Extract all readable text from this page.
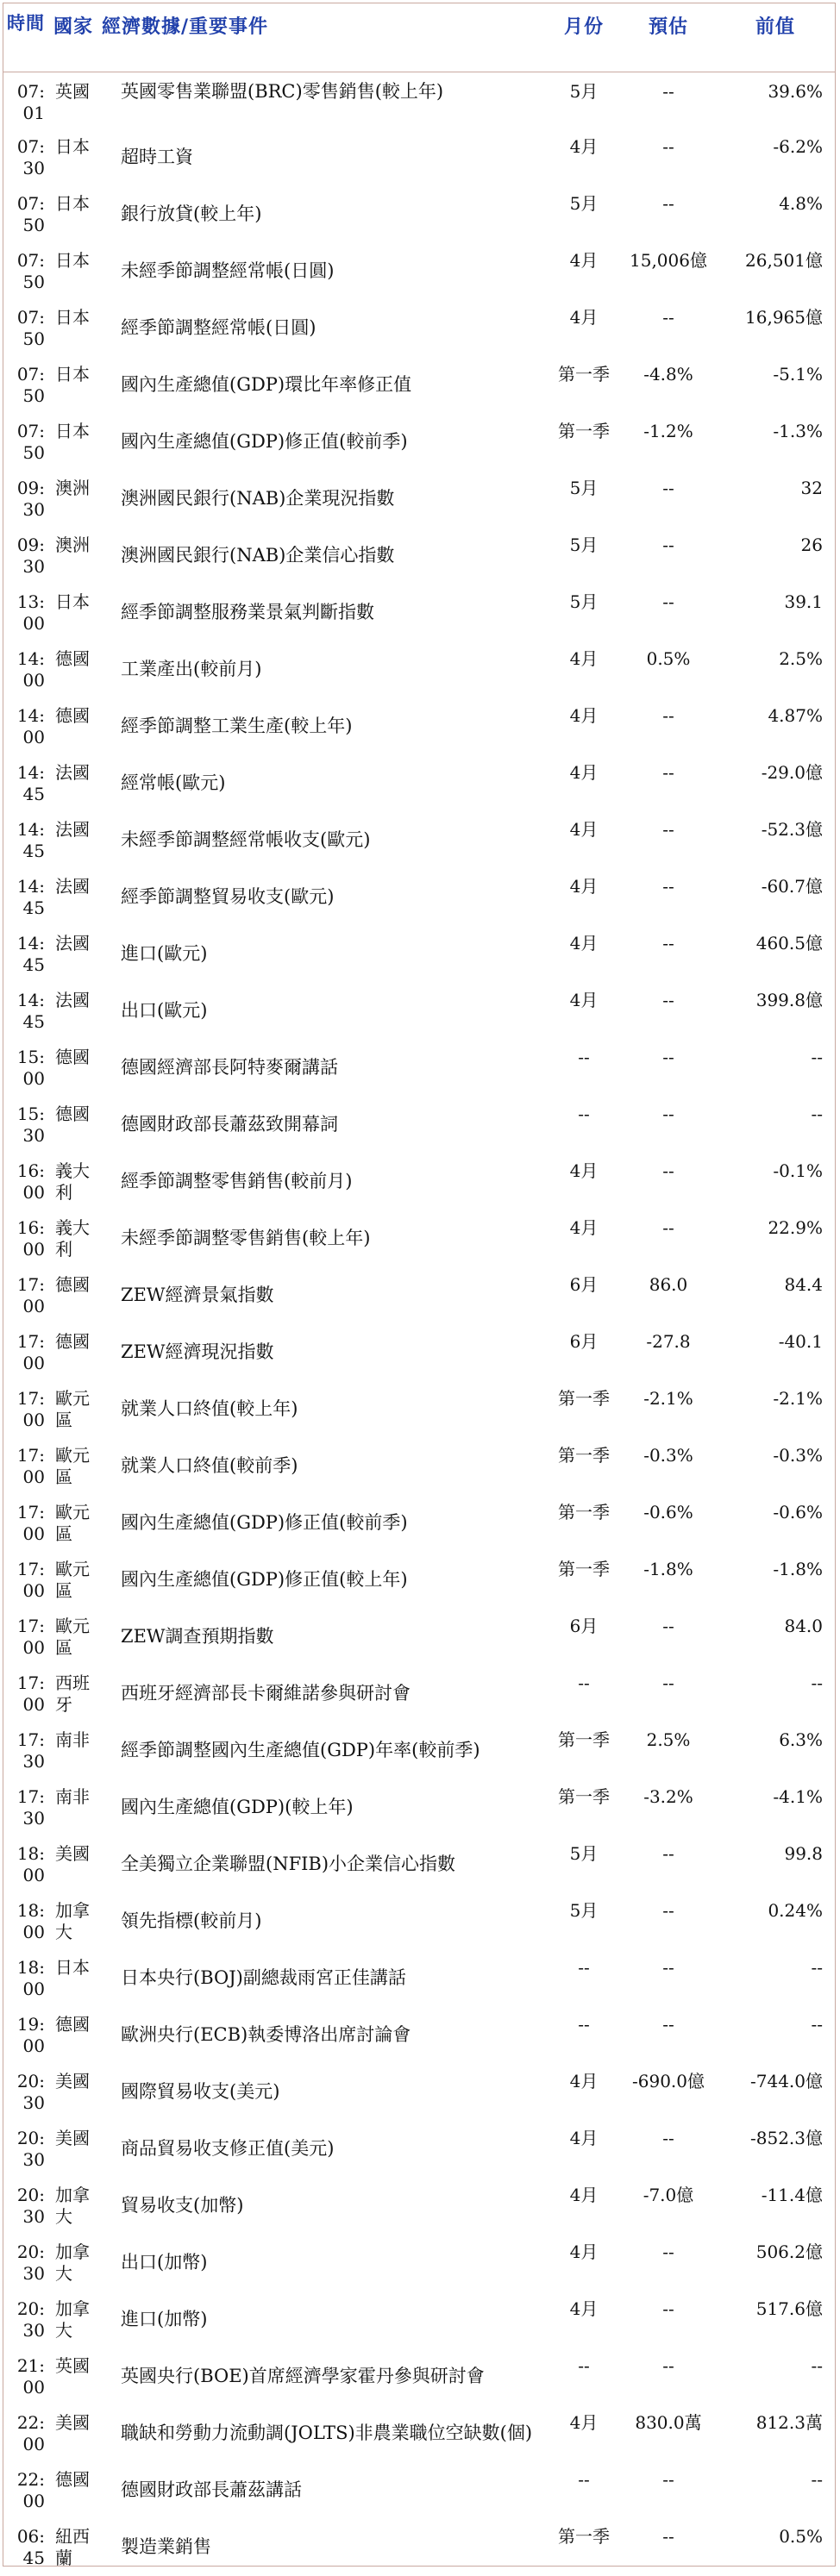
時間	國家	經濟數據/重要事件	月份	預估	前值
07:01	英國	英國零售業聯盟(BRC)零售銷售(較上年)	5月	--	39.6%
07:30	日本	超時工資	4月	--	-6.2%
07:50	日本	銀行放貸(較上年)	5月	--	4.8%
07:50	日本	未經季節調整經常帳(日圓)	4月	15,006億	26,501億
07:50	日本	經季節調整經常帳(日圓)	4月	--	16,965億
07:50	日本	國內生產總值(GDP)環比年率修正值	第一季	-4.8%	-5.1%
07:50	日本	國內生產總值(GDP)修正值(較前季)	第一季	-1.2%	-1.3%
09:30	澳洲	澳洲國民銀行(NAB)企業現況指數	5月	--	32
09:30	澳洲	澳洲國民銀行(NAB)企業信心指數	5月	--	26
13:00	日本	經季節調整服務業景氣判斷指數	5月	--	39.1
14:00	德國	工業產出(較前月)	4月	0.5%	2.5%
14:00	德國	經季節調整工業生產(較上年)	4月	--	4.87%
14:45	法國	經常帳(歐元)	4月	--	-29.0億
14:45	法國	未經季節調整經常帳收支(歐元)	4月	--	-52.3億
14:45	法國	經季節調整貿易收支(歐元)	4月	--	-60.7億
14:45	法國	進口(歐元)	4月	--	460.5億
14:45	法國	出口(歐元)	4月	--	399.8億
15:00	德國	德國經濟部長阿特麥爾講話	--	--	--
15:30	德國	德國財政部長蕭茲致開幕詞	--	--	--
16:00	義大利	經季節調整零售銷售(較前月)	4月	--	-0.1%
16:00	義大利	未經季節調整零售銷售(較上年)	4月	--	22.9%
17:00	德國	ZEW經濟景氣指數	6月	86.0	84.4
17:00	德國	ZEW經濟現況指數	6月	-27.8	-40.1
17:00	歐元區	就業人口終值(較上年)	第一季	-2.1%	-2.1%
17:00	歐元區	就業人口終值(較前季)	第一季	-0.3%	-0.3%
17:00	歐元區	國內生產總值(GDP)修正值(較前季)	第一季	-0.6%	-0.6%
17:00	歐元區	國內生產總值(GDP)修正值(較上年)	第一季	-1.8%	-1.8%
17:00	歐元區	ZEW調查預期指數	6月	--	84.0
17:00	西班牙	西班牙經濟部長卡爾維諾參與研討會	--	--	--
17:30	南非	經季節調整國內生產總值(GDP)年率(較前季)	第一季	2.5%	6.3%
17:30	南非	國內生產總值(GDP)(較上年)	第一季	-3.2%	-4.1%
18:00	美國	全美獨立企業聯盟(NFIB)小企業信心指數	5月	--	99.8
18:00	加拿大	領先指標(較前月)	5月	--	0.24%
18:00	日本	日本央行(BOJ)副總裁雨宮正佳講話	--	--	--
19:00	德國	歐洲央行(ECB)執委博洛出席討論會	--	--	--
20:30	美國	國際貿易收支(美元)	4月	-690.0億	-744.0億
20:30	美國	商品貿易收支修正值(美元)	4月	--	-852.3億
20:30	加拿大	貿易收支(加幣)	4月	-7.0億	-11.4億
20:30	加拿大	出口(加幣)	4月	--	506.2億
20:30	加拿大	進口(加幣)	4月	--	517.6億
21:00	英國	英國央行(BOE)首席經濟學家霍丹參與研討會	--	--	--
22:00	美國	職缺和勞動力流動調(JOLTS)非農業職位空缺數(個)	4月	830.0萬	812.3萬
22:00	德國	德國財政部長蕭茲講話	--	--	--
06:45	紐西蘭	製造業銷售	第一季	--	0.5%
